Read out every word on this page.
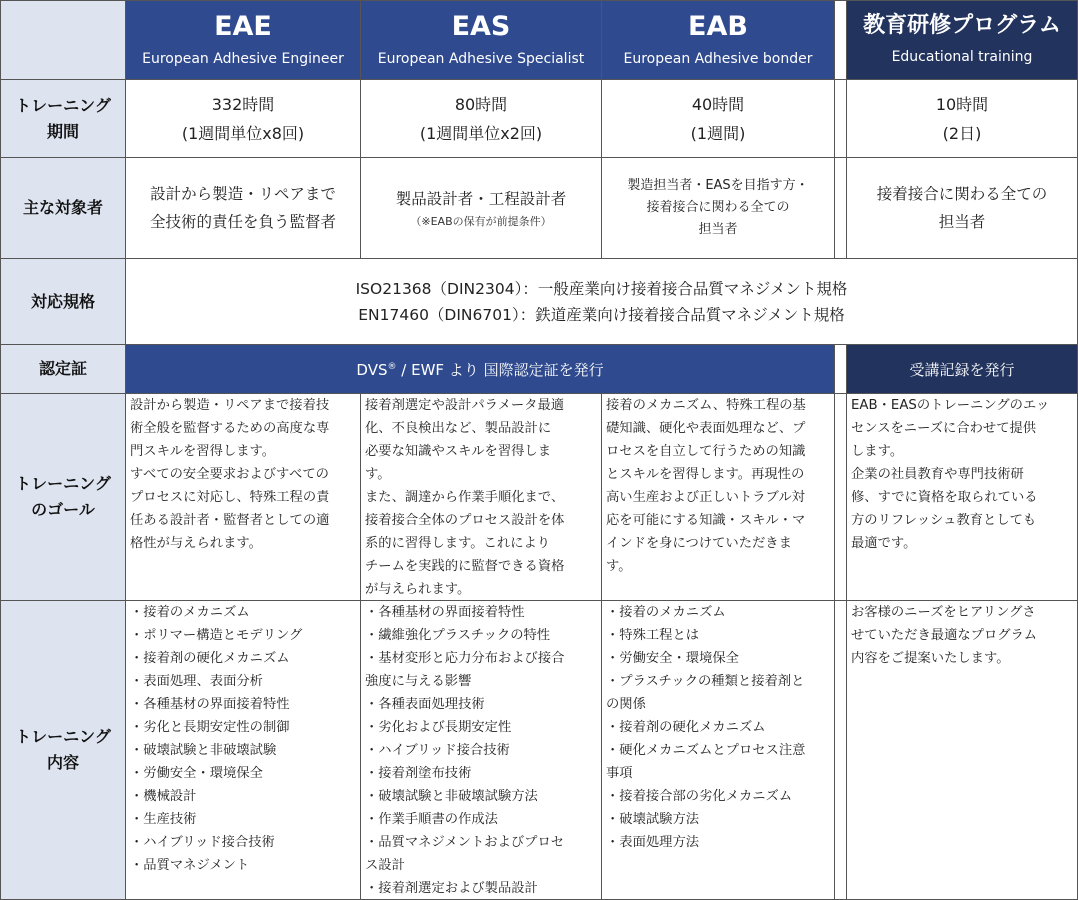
EAE
European Adhesive Engineer
EAS
European Adhesive Specialist
EAB
European Adhesive bonder
教育研修プログラム
Educational training
トレーニング
期間
332時間
(1週間単位x8回)
80時間
(1週間単位x2回)
40時間
(1週間)
10時間
(2日)
主な対象者
設計から製造・リペアまで
全技術的責任を負う監督者
製品設計者・工程設計者
（※EABの保有が前提条件）
製造担当者・EASを目指す方・
接着接合に関わる全ての
担当者
接着接合に関わる全ての
担当者
対応規格
ISO21368（DIN2304）：一般産業向け接着接合品質マネジメント規格
EN17460（DIN6701）：鉄道産業向け接着接合品質マネジメント規格
認定証	DVS® / EWF より 国際認定証を発行	受講記録を発行
トレーニング
のゴール
設計から製造・リペアまで接着技
術全般を監督するための高度な専
門スキルを習得します。
すべての安全要求およびすべての
プロセスに対応し、特殊工程の責
任ある設計者・監督者としての適
格性が与えられます。
接着剤選定や設計パラメータ最適
化、不良検出など、製品設計に
必要な知識やスキルを習得しま
す。
また、調達から作業手順化まで、
接着接合全体のプロセス設計を体
系的に習得します。これにより
チームを実践的に監督できる資格
が与えられます。
接着のメカニズム、特殊工程の基
礎知識、硬化や表面処理など、プ
ロセスを自立して行うための知識
とスキルを習得します。再現性の
高い生産および正しいトラブル対
応を可能にする知識・スキル・マ
インドを身につけていただきま
す。
EAB・EASのトレーニングのエッ
センスをニーズに合わせて提供
します。
企業の社員教育や専門技術研
修、すでに資格を取られている
方のリフレッシュ教育としても
最適です。
トレーニング
内容
・接着のメカニズム
・ポリマー構造とモデリング
・接着剤の硬化メカニズム
・表面処理、表面分析
・各種基材の界面接着特性
・劣化と長期安定性の制御
・破壊試験と非破壊試験
・労働安全・環境保全
・機械設計
・生産技術
・ハイブリッド接合技術
・品質マネジメント
・各種基材の界面接着特性
・繊維強化プラスチックの特性
・基材変形と応力分布および接合
強度に与える影響
・各種表面処理技術
・劣化および長期安定性
・ハイブリッド接合技術
・接着剤塗布技術
・破壊試験と非破壊試験方法
・作業手順書の作成法
・品質マネジメントおよびプロセ
ス設計
・接着剤選定および製品設計
・接着のメカニズム
・特殊工程とは
・労働安全・環境保全
・プラスチックの種類と接着剤と
の関係
・接着剤の硬化メカニズム
・硬化メカニズムとプロセス注意
事項
・接着接合部の劣化メカニズム
・破壊試験方法
・表面処理方法
お客様のニーズをヒアリングさ
せていただき最適なプログラム
内容をご提案いたします。
